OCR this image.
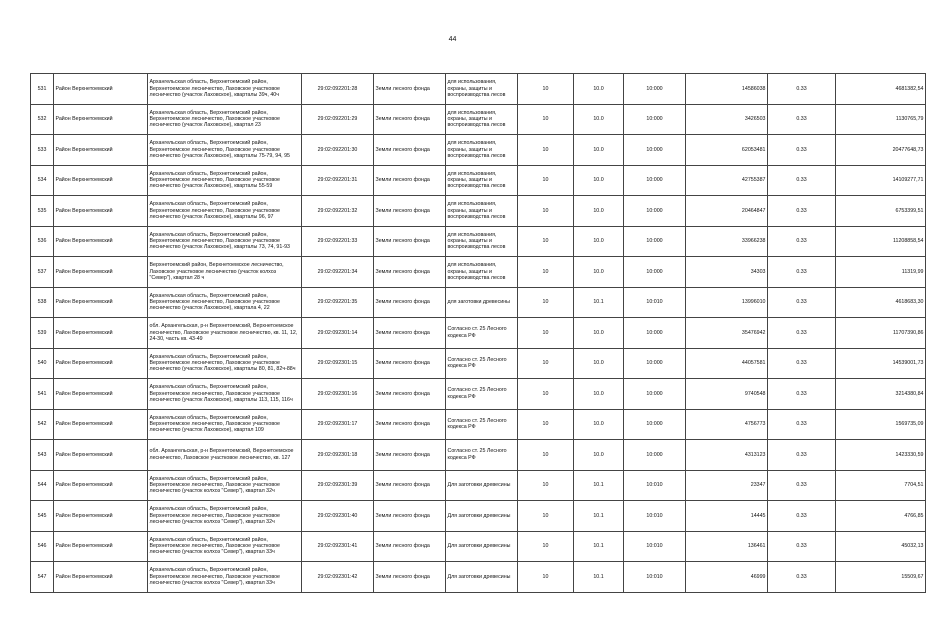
44
531	Район Верхнетоемский	Архангельская область, Верхнетоемский район, Верхнетоемское лесничество, Лаховское участковое лесничество (участок Лаховское), кварталы 39ч, 40ч	29:02:092201:28	Земли лесного фонда	для использования, охраны, защиты и воспроизводства лесов	10	10.0	10:000	14586038	0.33	4681382,54
532	Район Верхнетоемский	Архангельская область, Верхнетоемский район, Верхнетоемское лесничество, Лаховское участковое лесничество (участок Лаховское), квартал 23	29:02:092201:29	Земли лесного фонда	для использования, охраны, защиты и воспроизводства лесов	10	10.0	10:000	3426503	0.33	1130765,79
533	Район Верхнетоемский	Архангельская область, Верхнетоемский район, Верхнетоемское лесничество, Лаховское участковое лесничество (участок Лаховское), кварталы 75-79, 94, 95	29:02:092201:30	Земли лесного фонда	для использования, охраны, защиты и воспроизводства лесов	10	10.0	10:000	62053481	0.33	20477648,73
534	Район Верхнетоемский	Архангельская область, Верхнетоемский район, Верхнетоемское лесничество, Лаховское участковое лесничество (участок Лаховское), кварталы 55-59	29:02:092201:31	Земли лесного фонда	для использования, охраны, защиты и воспроизводства лесов	10	10.0	10:000	42755387	0.33	14109277,71
535	Район Верхнетоемский	Архангельская область, Верхнетоемский район, Верхнетоемское лесничество, Лаховское участковое лесничество (участок Лаховское), кварталы 96, 97	29:02:092201:32	Земли лесного фонда	для использования, охраны, защиты и воспроизводства лесов	10	10.0	10:000	20464847	0.33	6753399,51
536	Район Верхнетоемский	Архангельская область, Верхнетоемский район, Верхнетоемское лесничество, Лаховское участковое лесничество (участок Лаховское), кварталы 73, 74, 91-93	29:02:092201:33	Земли лесного фонда	для использования, охраны, защиты и воспроизводства лесов	10	10.0	10:000	33966238	0.33	11208858,54
537	Район Верхнетоемский	Верхнетоемский район, Верхнетоемское лесничество, Лаховское участковое лесничество (участок колхоз "Север"), квартал 28 ч	29:02:092201:34	Земли лесного фонда	для использования, охраны, защиты и воспроизводства лесов	10	10.0	10:000	34303	0.33	11319,99
538	Район Верхнетоемский	Архангельская область, Верхнетоемский район, Верхнетоемское лесничество, Лаховское участковое лесничество (участок Лаховское), квартала 4, 22	29:02:092201:35	Земли лесного фонда	для заготовки древесины	10	10.1	10:010	13996010	0.33	4618683,30
539	Район Верхнетоемский	обл. Архангельская, р-н Верхнетоемский, Верхнетоемское лесничество, Лаховское участковое лесничество, кв. 11, 12, 24-30, часть кв. 43-49	29:02:092301:14	Земли лесного фонда	Согласно ст. 25 Лесного кодекса РФ	10	10.0	10:000	35476942	0.33	11707390,86
540	Район Верхнетоемский	Архангельская область, Верхнетоемский район, Верхнетоемское лесничество, Лаховское участковое лесничество (участок Лаховское), кварталы 80, 81, 82ч-88ч	29:02:092301:15	Земли лесного фонда	Согласно ст. 25 Лесного кодекса РФ	10	10.0	10:000	44057581	0.33	14539001,73
541	Район Верхнетоемский	Архангельская область, Верхнетоемский район, Верхнетоемское лесничество, Лаховское участковое лесничество (участок Лаховское), кварталы 113, 115, 116ч	29:02:092301:16	Земли лесного фонда	Согласно ст. 25 Лесного кодекса РФ	10	10.0	10:000	9740548	0.33	3214380,84
542	Район Верхнетоемский	Архангельская область, Верхнетоемский район, Верхнетоемское лесничество, Лаховское участковое лесничество (участок Лаховское), квартал 109	29:02:092301:17	Земли лесного фонда	Согласно ст. 25 Лесного кодекса РФ	10	10.0	10:000	4756773	0.33	1569735,09
543	Район Верхнетоемский	обл. Архангельская, р-н Верхнетоемский, Верхнетоемское лесничество, Лаховское участковое лесничество, кв. 127	29:02:092301:18	Земли лесного фонда	Согласно ст. 25 Лесного кодекса РФ	10	10.0	10:000	4313123	0.33	1423330,59
544	Район Верхнетоемский	Архангельская область, Верхнетоемский район, Верхнетоемское лесничество, Лаховское участковое лесничество (участок колхоз "Север"), квартал 32ч	29:02:092301:39	Земли лесного фонда	Для заготовки древесины	10	10.1	10:010	23347	0.33	7704,51
545	Район Верхнетоемский	Архангельская область, Верхнетоемский район, Верхнетоемское лесничество, Лаховское участковое лесничество (участок колхоз "Север"), квартал 32ч	29:02:092301:40	Земли лесного фонда	Для заготовки древесины	10	10.1	10:010	14445	0.33	4766,85
546	Район Верхнетоемский	Архангельская область, Верхнетоемский район, Верхнетоемское лесничество, Лаховское участковое лесничество (участок колхоз "Север"), квартал 33ч	29:02:092301:41	Земли лесного фонда	Для заготовки древесины	10	10.1	10:010	136461	0.33	45032,13
547	Район Верхнетоемский	Архангельская область, Верхнетоемский район, Верхнетоемское лесничество, Лаховское участковое лесничество (участок колхоз "Север"), квартал 33ч	29:02:092301:42	Земли лесного фонда	Для заготовки древесины	10	10.1	10:010	46999	0.33	15509,67
